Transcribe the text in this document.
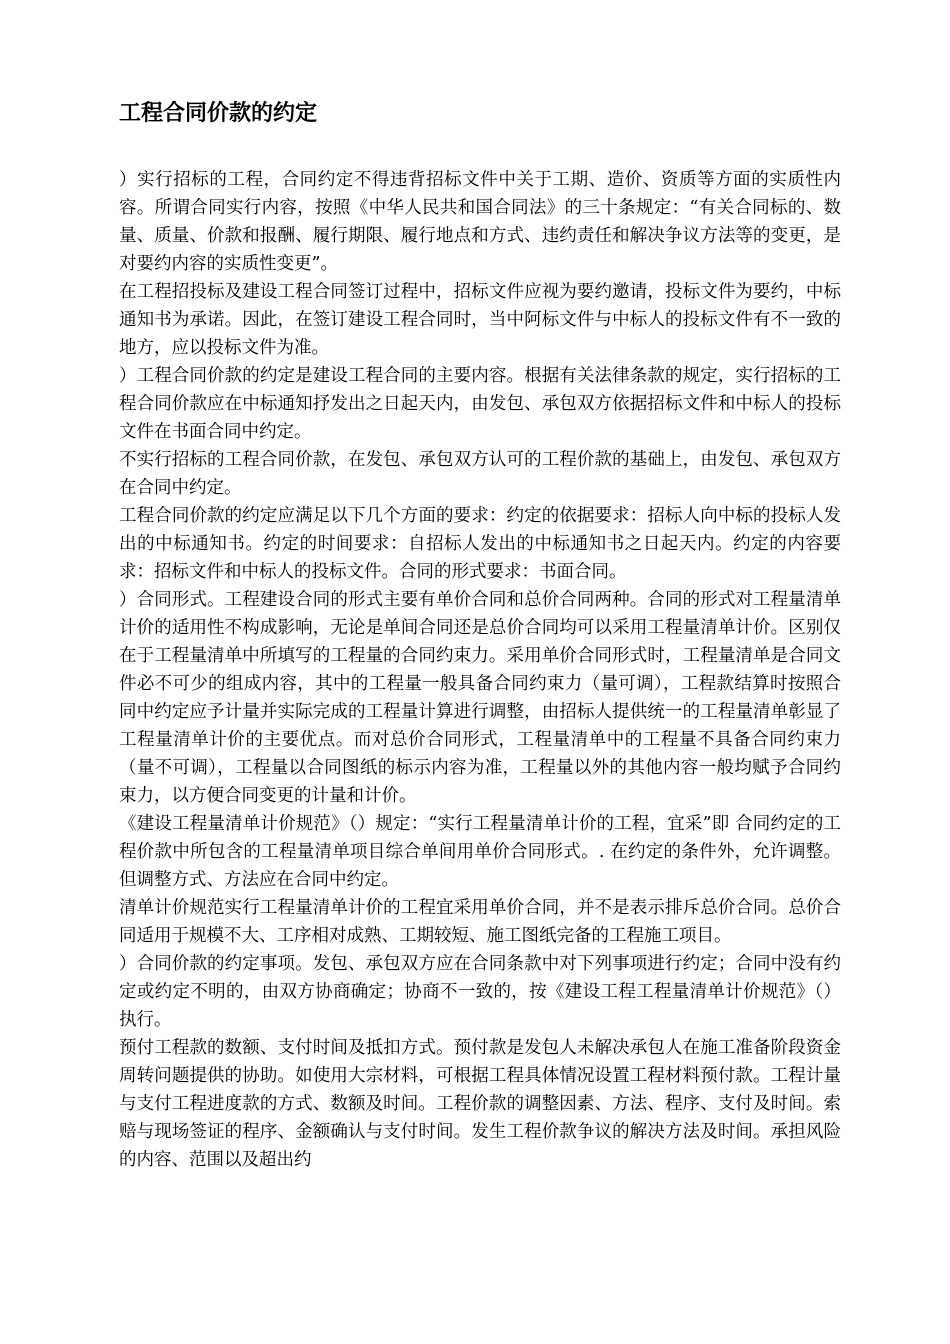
工程合同价款的约定

）实行招标的工程，合同约定不得违背招标文件中关于工期、造价、资质等方面的实质性内容。所谓合同实行内容，按照《中华人民共和国合同法》的三十条规定：“有关合同标的、数量、质量、价款和报酬、履行期限、履行地点和方式、违约责任和解决争议方法等的变更，是对要约内容的实质性变更”。

在工程招投标及建设工程合同签订过程中，招标文件应视为要约邀请，投标文件为要约，中标通知书为承诺。因此，在签订建设工程合同时，当中阿标文件与中标人的投标文件有不一致的地方，应以投标文件为准。

）工程合同价款的约定是建设工程合同的主要内容。根据有关法律条款的规定，实行招标的工程合同价款应在中标通知抒发出之日起天内，由发包、承包双方依据招标文件和中标人的投标文件在书面合同中约定。

不实行招标的工程合同价款，在发包、承包双方认可的工程价款的基础上，由发包、承包双方在合同中约定。

工程合同价款的约定应满足以下几个方面的要求：约定的依据要求：招标人向中标的投标人发出的中标通知书。约定的时间要求：自招标人发出的中标通知书之日起天内。约定的内容要求：招标文件和中标人的投标文件。合同的形式要求：书面合同。

）合同形式。工程建设合同的形式主要有单价合同和总价合同两种。合同的形式对工程量清单计价的适用性不构成影响，无论是单间合同还是总价合同均可以采用工程量清单计价。区别仅在于工程量清单中所填写的工程量的合同约束力。采用单价合同形式时，工程量清单是合同文件必不可少的组成内容，其中的工程量一般具备合同约束力（量可调），工程款结算时按照合同中约定应予计量并实际完成的工程量计算进行调整，由招标人提供统一的工程量清单彰显了工程量清单计价的主要优点。而对总价合同形式，工程量清单中的工程量不具备合同约束力（量不可调），工程量以合同图纸的标示内容为准，工程量以外的其他内容一般均赋予合同约束力，以方便合同变更的计量和计价。

《建设工程量清单计价规范》（）规定：“实行工程量清单计价的工程，宜采”即 合同约定的工程价款中所包含的工程量清单项目综合单间用单价合同形式。. 在约定的条件外，允许调整。但调整方式、方法应在合同中约定。

清单计价规范实行工程量清单计价的工程宜采用单价合同，并不是表示排斥总价合同。总价合同适用于规模不大、工序相对成熟、工期较短、施工图纸完备的工程施工项目。

）合同价款的约定事项。发包、承包双方应在合同条款中对下列事项进行约定；合同中没有约定或约定不明的，由双方协商确定；协商不一致的，按《建设工程工程量清单计价规范》（）执行。

预付工程款的数额、支付时间及抵扣方式。预付款是发包人未解决承包人在施工准备阶段资金周转问题提供的协助。如使用大宗材料，可根据工程具体情况设置工程材料预付款。工程计量与支付工程进度款的方式、数额及时间。工程价款的调整因素、方法、程序、支付及时间。索赔与现场签证的程序、金额确认与支付时间。发生工程价款争议的解决方法及时间。承担风险的内容、范围以及超出约
